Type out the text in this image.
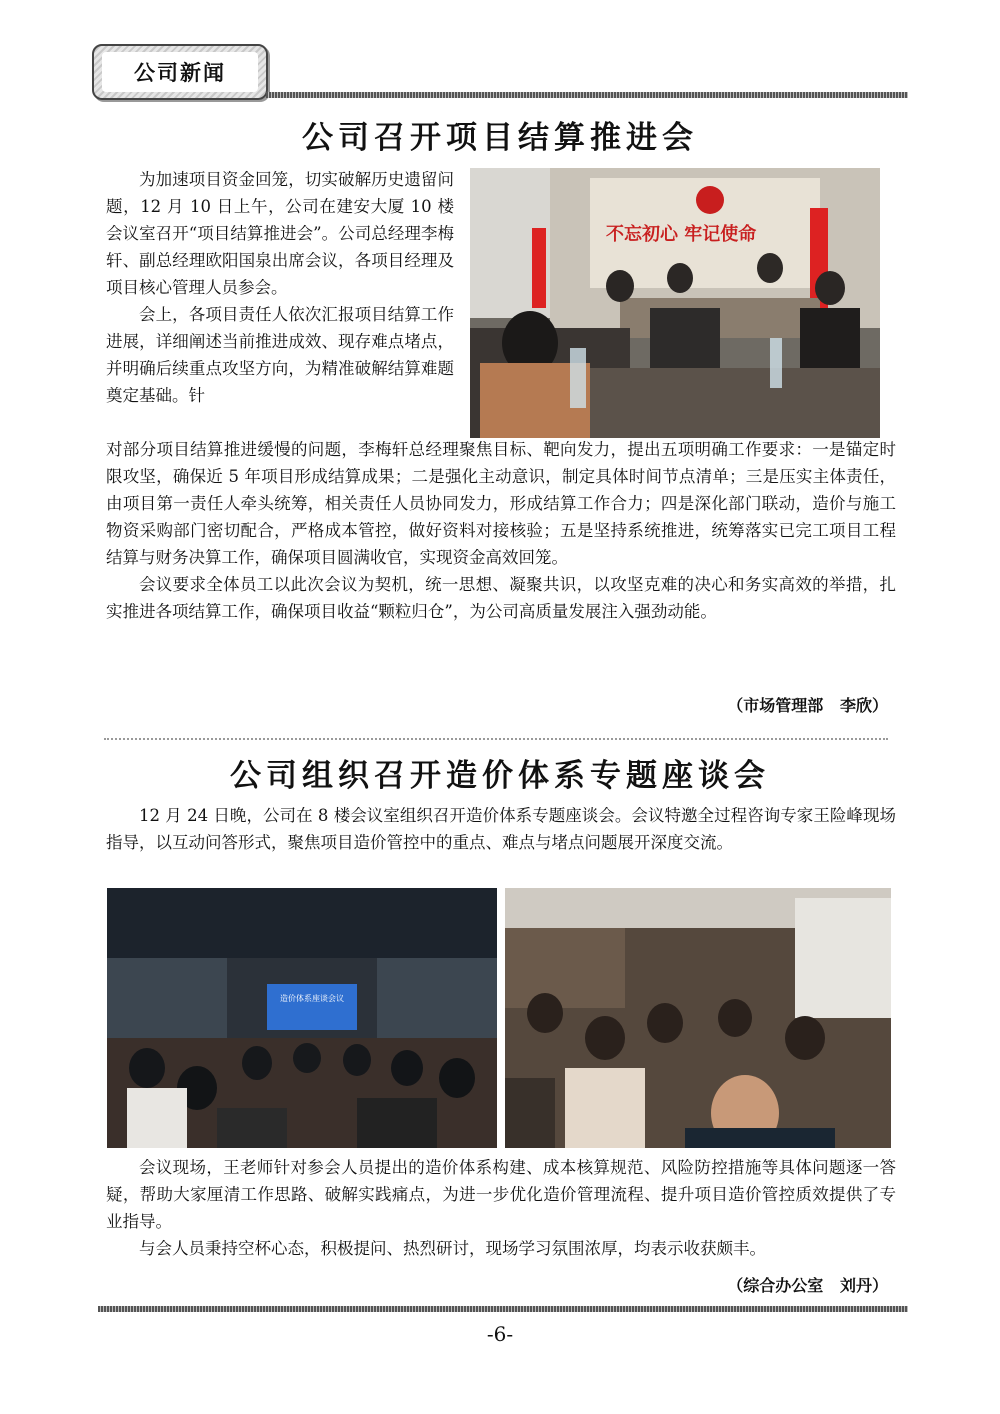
公司新闻
公司召开项目结算推进会

为加速项目资金回笼，切实破解历史遗留问题，12 月 10 日上午，公司在建安大厦 10 楼会议室召开“项目结算推进会”。公司总经理李梅轩、副总经理欧阳国泉出席会议，各项目经理及项目核心管理人员参会。

会上，各项目责任人依次汇报项目结算工作进展，详细阐述当前推进成效、现存难点堵点，并明确后续重点攻坚方向，为精准破解结算难题奠定基础。针

不忘初心 牢记使命

对部分项目结算推进缓慢的问题，李梅轩总经理聚焦目标、靶向发力，提出五项明确工作要求：一是锚定时限攻坚，确保近 5 年项目形成结算成果；二是强化主动意识，制定具体时间节点清单；三是压实主体责任，由项目第一责任人牵头统筹，相关责任人员协同发力，形成结算工作合力；四是深化部门联动，造价与施工物资采购部门密切配合，严格成本管控，做好资料对接核验；五是坚持系统推进，统筹落实已完工项目工程结算与财务决算工作，确保项目圆满收官，实现资金高效回笼。

会议要求全体员工以此次会议为契机，统一思想、凝聚共识，以攻坚克难的决心和务实高效的举措，扎实推进各项结算工作，确保项目收益“颗粒归仓”，为公司高质量发展注入强劲动能。

（市场管理部   李欣）
公司组织召开造价体系专题座谈会

12 月 24 日晚，公司在 8 楼会议室组织召开造价体系专题座谈会。会议特邀全过程咨询专家王险峰现场指导，以互动问答形式，聚焦项目造价管控中的重点、难点与堵点问题展开深度交流。

造价体系座谈会议

会议现场，王老师针对参会人员提出的造价体系构建、成本核算规范、风险防控措施等具体问题逐一答疑，帮助大家厘清工作思路、破解实践痛点，为进一步优化造价管理流程、提升项目造价管控质效提供了专业指导。

与会人员秉持空杯心态，积极提问、热烈研讨，现场学习氛围浓厚，均表示收获颇丰。

（综合办公室   刘丹）
-6-
